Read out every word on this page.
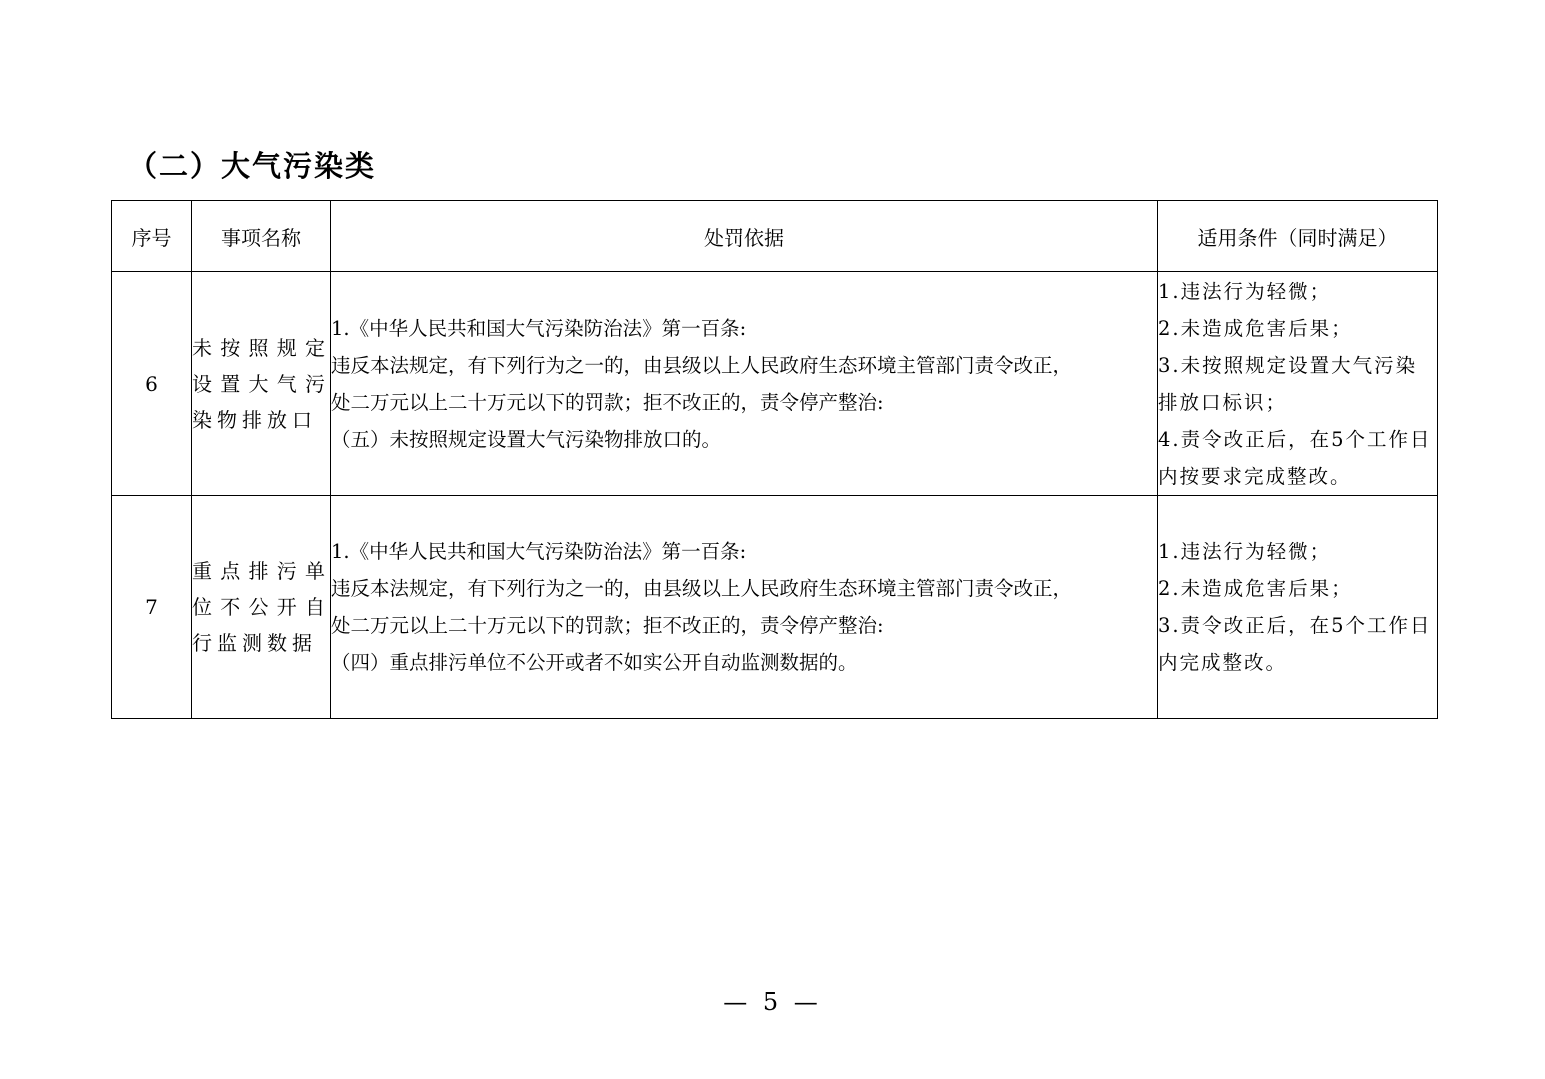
（二）大气污染类
序号	事项名称	处罚依据	适用条件（同时满足）
6	未按照规定设置大气污染物排放口	1.《中华人民共和国大气污染防治法》第一百条:
违反本法规定，有下列行为之一的，由县级以上人民政府生态环境主管部门责令改正，
处二万元以上二十万元以下的罚款；拒不改正的，责令停产整治:
（五）未按照规定设置大气污染物排放口的。	1.违法行为轻微；
2.未造成危害后果；
3.未按照规定设置大气污染排放口标识；
4.责令改正后，在5个工作日内按要求完成整改。

7	重点排污单位不公开自行监测数据	1.《中华人民共和国大气污染防治法》第一百条:
违反本法规定，有下列行为之一的，由县级以上人民政府生态环境主管部门责令改正，
处二万元以上二十万元以下的罚款；拒不改正的，责令停产整治:
（四）重点排污单位不公开或者不如实公开自动监测数据的。	1.违法行为轻微；
2.未造成危害后果；
3.责令改正后，在5个工作日内完成整改。
— 5 —
